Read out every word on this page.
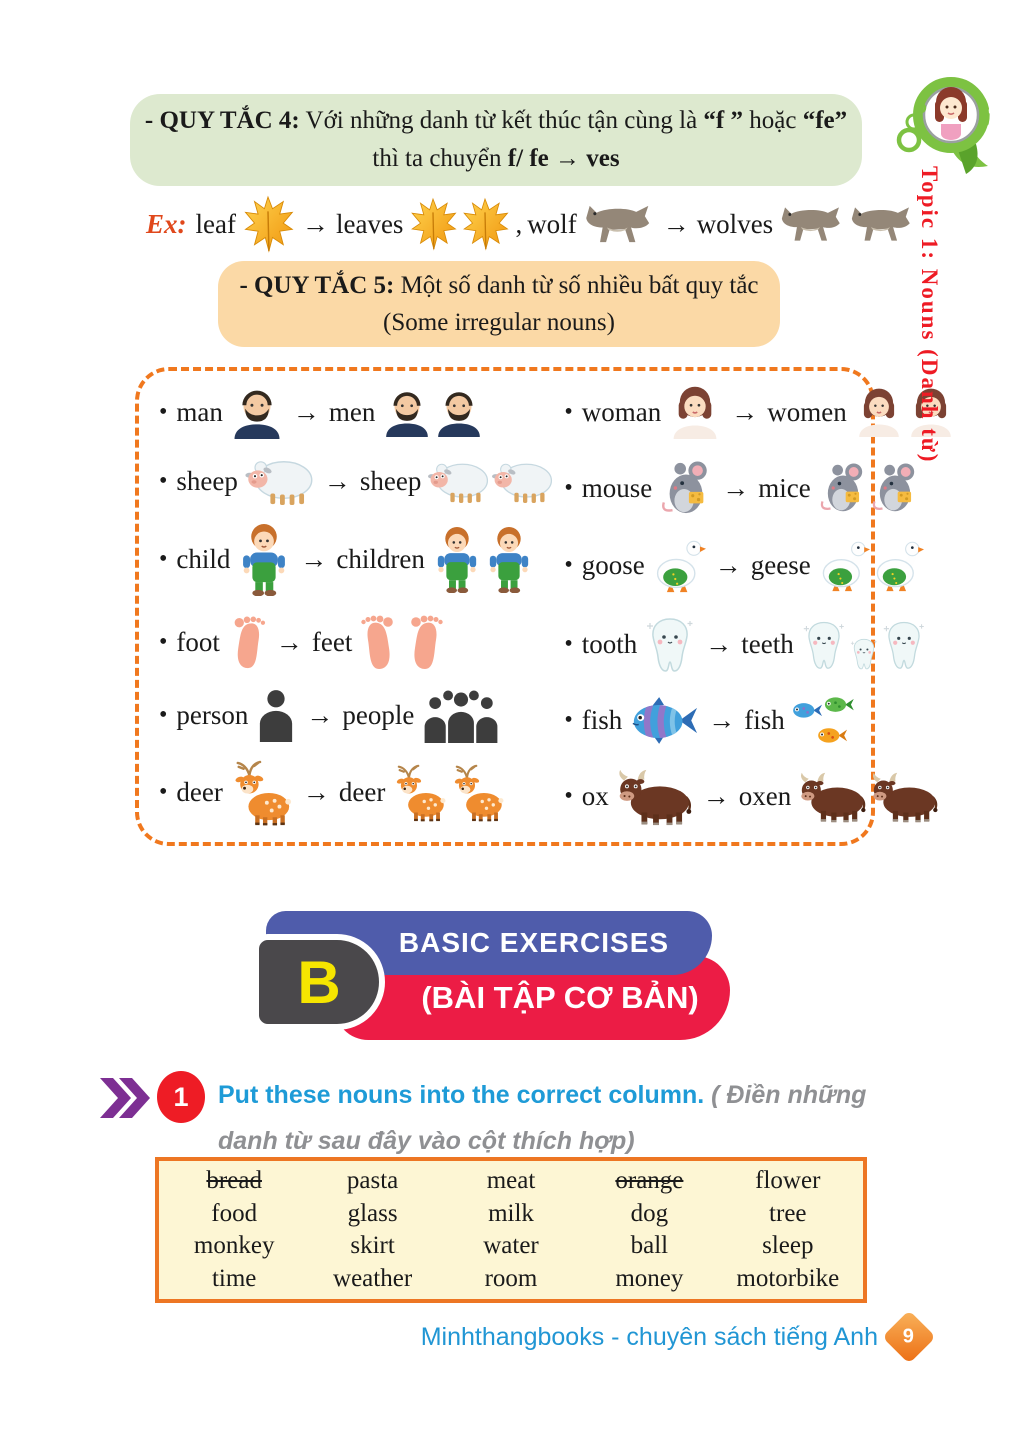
- QUY TẮC 4: Với những danh từ kết thúc tận cùng là “f ” hoặc “fe”
thì ta chuyển f/ fe → ves
Ex: leaf → leaves	, wolf	→ wolves
- QUY TẮC 5: Một số danh từ số nhiều bất quy tắc
(Some irregular nouns)
• man	→ men
• sheep	→ sheep
• child	→ children
• foot → feet
• person → people
• deer	→ deer
• woman	→ women
• mouse	→ mice
• goose	→ geese
• tooth	→ teeth
• fish	→ fish
• ox	→ oxen
BASIC EXERCISES
(BÀI TẬP CƠ BẢN)
B
1 Put these nouns into the correct column. ( Điền những
danh từ sau đây vào cột thích hợp)
bread	pasta	meat	orange	flower
food	glass	milk	dog	tree
monkey	skirt	water	ball	sleep
time	weather	room	money	motorbike
Minhthangbooks - chuyên sách tiếng Anh 9
Topic 1: Nouns (Danh từ)
